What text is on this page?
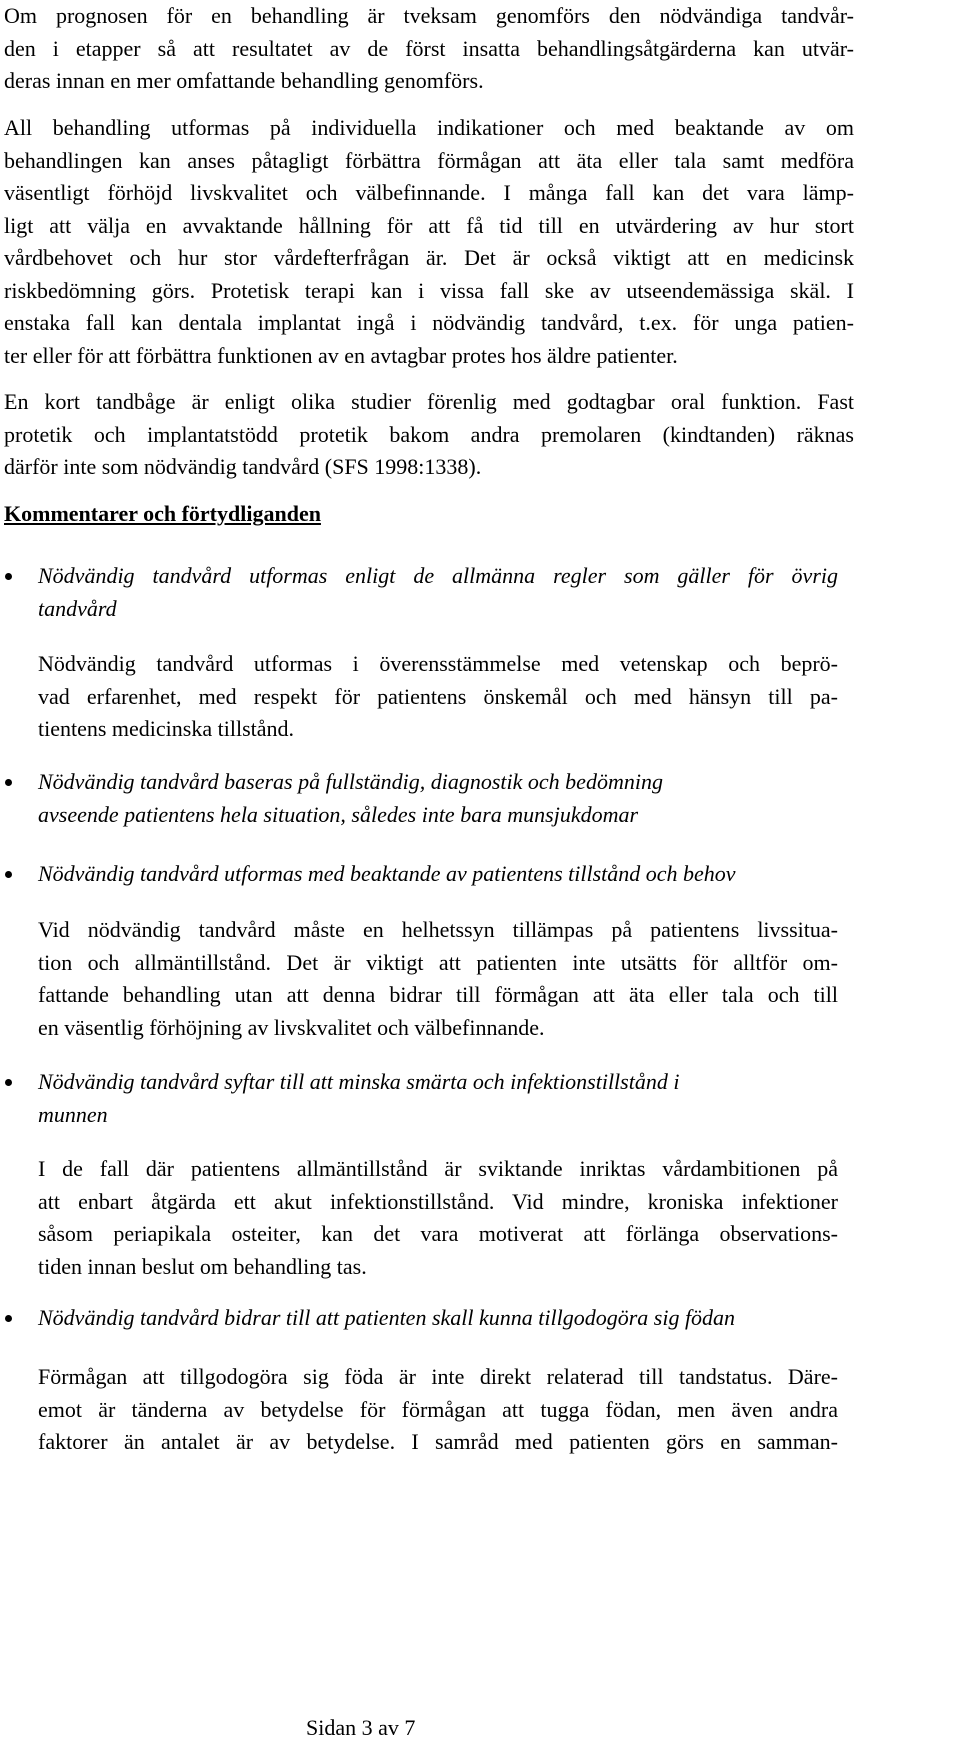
Om prognosen för en behandling är tveksam genomförs den nödvändiga tandvår-
den i etapper så att resultatet av de först insatta behandlingsåtgärderna kan utvär-
deras innan en mer omfattande behandling genomförs.
All behandling utformas på individuella indikationer och med beaktande av om
behandlingen kan anses påtagligt förbättra förmågan att äta eller tala samt medföra
väsentligt förhöjd livskvalitet och välbefinnande. I många fall kan det vara lämp-
ligt att välja en avvaktande hållning för att få tid till en utvärdering av hur stort
vårdbehovet och hur stor vårdefterfrågan är. Det är också viktigt att en medicinsk
riskbedömning görs. Protetisk terapi kan i vissa fall ske av utseendemässiga skäl. I
enstaka fall kan dentala implantat ingå i nödvändig tandvård, t.ex. för unga patien-
ter eller för att förbättra funktionen av en avtagbar protes hos äldre patienter.
En kort tandbåge är enligt olika studier förenlig med godtagbar oral funktion. Fast
protetik och implantatstödd protetik bakom andra premolaren (kindtanden) räknas
därför inte som nödvändig tandvård (SFS 1998:1338).
Kommentarer och förtydliganden
Nödvändig tandvård utformas enligt de allmänna regler som gäller för övrig
tandvård
Nödvändig tandvård utformas i överensstämmelse med vetenskap och beprö-
vad erfarenhet, med respekt för patientens önskemål och med hänsyn till pa-
tientens medicinska tillstånd.
Nödvändig tandvård baseras på fullständig, diagnostik och bedömning
avseende patientens hela situation, således inte bara munsjukdomar
Nödvändig tandvård utformas med beaktande av patientens tillstånd och behov
Vid nödvändig tandvård måste en helhetssyn tillämpas på patientens livssitua-
tion och allmäntillstånd. Det är viktigt att patienten inte utsätts för alltför om-
fattande behandling utan att denna bidrar till förmågan att äta eller tala och till
en väsentlig förhöjning av livskvalitet och välbefinnande.
Nödvändig tandvård syftar till att minska smärta och infektionstillstånd i
munnen
I de fall där patientens allmäntillstånd är sviktande inriktas vårdambitionen på
att enbart åtgärda ett akut infektionstillstånd. Vid mindre, kroniska infektioner
såsom periapikala osteiter, kan det vara motiverat att förlänga observations-
tiden innan beslut om behandling tas.
Nödvändig tandvård bidrar till att patienten skall kunna tillgodogöra sig födan
Förmågan att tillgodogöra sig föda är inte direkt relaterad till tandstatus. Däre-
emot är tänderna av betydelse för förmågan att tugga födan, men även andra
faktorer än antalet är av betydelse. I samråd med patienten görs en samman-
Sidan 3 av 7
